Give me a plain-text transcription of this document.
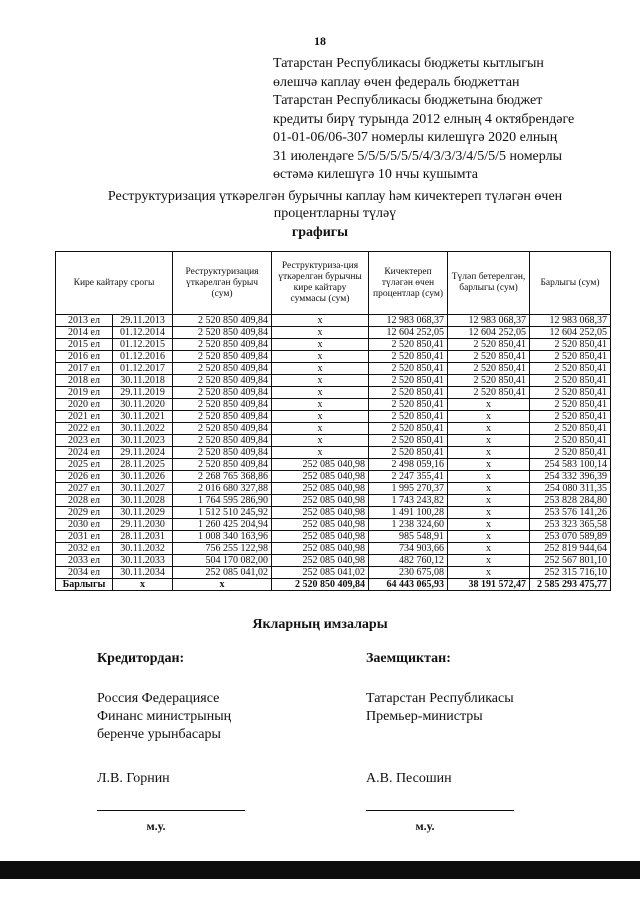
18
Татарстан Республикасы бюджеты кытлыгын
өлешчә каплау өчен федераль бюджеттан
Татарстан Республикасы бюджетына бюджет
кредиты бирү турында 2012 елның 4 октябрендәге
01-01-06/06-307 номерлы килешүгә 2020 елның
31 июлендәге 5/5/5/5/5/5/4/3/3/3/4/5/5/5 номерлы
өстәмә килешүгә 10 нчы кушымта
Реструктуризация үткәрелгән бурычны каплау һәм кичектереп түләгән өчен процентларны түләү
графигы
Кире кайтару срогы		Реструктуризация үткәрелгән бурыч (сум)	Реструктуриза-ция үткәрелгән бурычны кире кайтару суммасы (сум)	Кичектереп түләгән өчен процентлар (сум)	Түләп бетерелгән, барлыгы (сум)	Барлыгы (сум)
2013 ел	29.11.2013	2 520 850 409,84	x	12 983 068,37	12 983 068,37	12 983 068,37
2014 ел	01.12.2014	2 520 850 409,84	x	12 604 252,05	12 604 252,05	12 604 252,05
2015 ел	01.12.2015	2 520 850 409,84	x	2 520 850,41	2 520 850,41	2 520 850,41
2016 ел	01.12.2016	2 520 850 409,84	x	2 520 850,41	2 520 850,41	2 520 850,41
2017 ел	01.12.2017	2 520 850 409,84	x	2 520 850,41	2 520 850,41	2 520 850,41
2018 ел	30.11.2018	2 520 850 409,84	x	2 520 850,41	2 520 850,41	2 520 850,41
2019 ел	29.11.2019	2 520 850 409,84	x	2 520 850,41	2 520 850,41	2 520 850,41
2020 ел	30.11.2020	2 520 850 409,84	x	2 520 850,41	x	2 520 850,41
2021 ел	30.11.2021	2 520 850 409,84	x	2 520 850,41	x	2 520 850,41
2022 ел	30.11.2022	2 520 850 409,84	x	2 520 850,41	x	2 520 850,41
2023 ел	30.11.2023	2 520 850 409,84	x	2 520 850,41	x	2 520 850,41
2024 ел	29.11.2024	2 520 850 409,84	x	2 520 850,41	x	2 520 850,41
2025 ел	28.11.2025	2 520 850 409,84	252 085 040,98	2 498 059,16	x	254 583 100,14
2026 ел	30.11.2026	2 268 765 368,86	252 085 040,98	2 247 355,41	x	254 332 396,39
2027 ел	30.11.2027	2 016 680 327,88	252 085 040,98	1 995 270,37	x	254 080 311,35
2028 ел	30.11.2028	1 764 595 286,90	252 085 040,98	1 743 243,82	x	253 828 284,80
2029 ел	30.11.2029	1 512 510 245,92	252 085 040,98	1 491 100,28	x	253 576 141,26
2030 ел	29.11.2030	1 260 425 204,94	252 085 040,98	1 238 324,60	x	253 323 365,58
2031 ел	28.11.2031	1 008 340 163,96	252 085 040,98	985 548,91	x	253 070 589,89
2032 ел	30.11.2032	756 255 122,98	252 085 040,98	734 903,66	x	252 819 944,64
2033 ел	30.11.2033	504 170 082,00	252 085 040,98	482 760,12	x	252 567 801,10
2034 ел	30.11.2034	252 085 041,02	252 085 041,02	230 675,08	x	252 315 716,10
Барлыгы	x	x	2 520 850 409,84	64 443 065,93	38 191 572,47	2 585 293 475,77
Якларның имзалары
Кредитордан:
Россия Федерациясе
Финанс министрының
беренче урынбасары
Л.В. Горнин
м.у.
Заемщиктан:
Татарстан Республикасы
Премьер-министры
А.В. Песошин
м.у.
